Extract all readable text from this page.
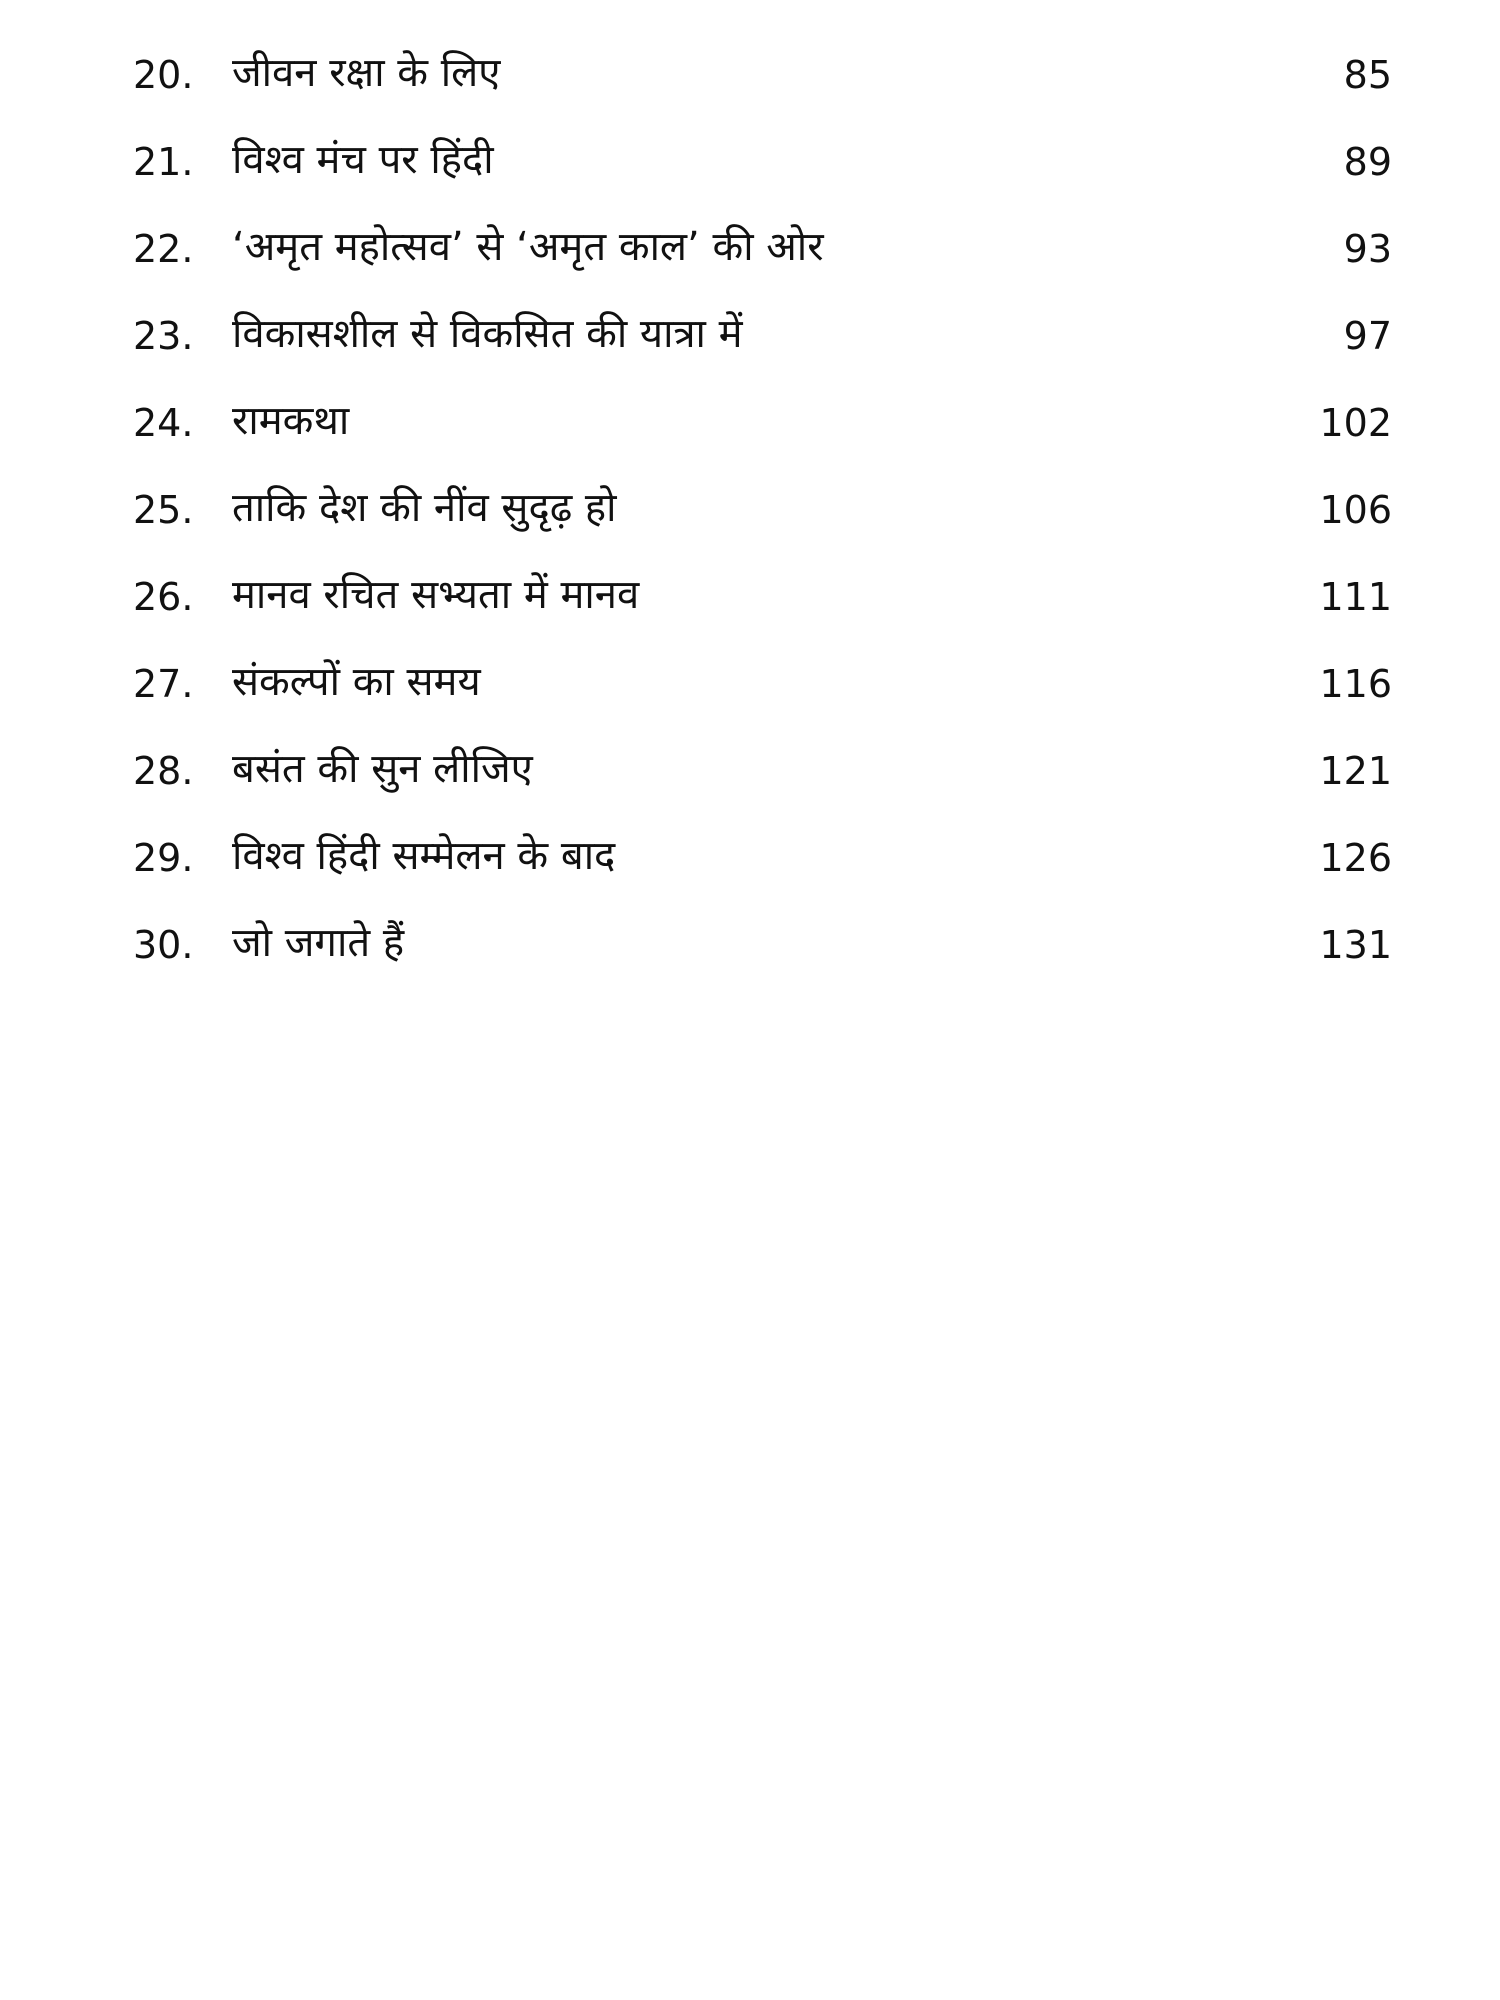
20. जीवन रक्षा के लिए	85
21. विश्व मंच पर हिंदी	89
22. ‘अमृत महोत्सव’ से ‘अमृत काल’ की ओर	93
23. विकासशील से विकसित की यात्रा में	97
24. रामकथा	102
25. ताकि देश की नींव सुदृढ़ हो	106
26. मानव रचित सभ्यता में मानव	111
27. संकल्पों का समय	116
28. बसंत की सुन लीजिए	121
29. विश्व हिंदी सम्मेलन के बाद	126
30. जो जगाते हैं	131
